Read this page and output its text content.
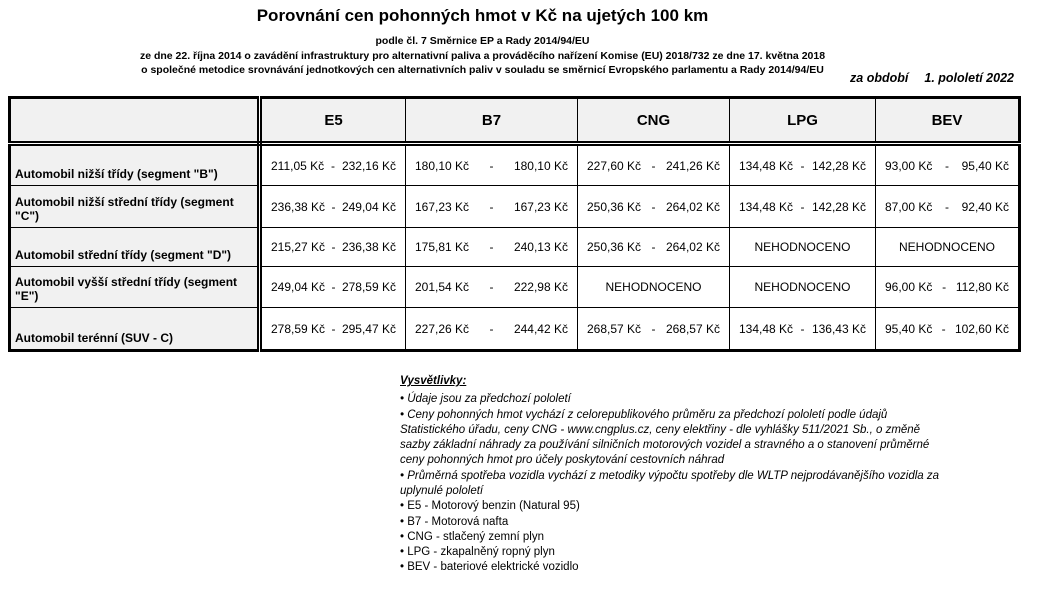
Porovnání cen pohonných hmot v Kč na ujetých 100 km
podle čl. 7 Směrnice EP a Rady 2014/94/EU
ze dne 22. října 2014 o zavádění infrastruktury pro alternativní paliva a prováděcího nařízení Komise (EU) 2018/732 ze dne 17. května 2018
o společné metodice srovnávání jednotkových cen alternativních paliv v souladu se směrnicí Evropského parlamentu a Rady 2014/94/EU
za období 1. pololetí 2022
	E5	B7	CNG	LPG	BEV
Automobil nižší třídy (segment "B")	211,05 Kč - 232,16 Kč	180,10 Kč - 180,10 Kč	227,60 Kč - 241,26 Kč	134,48 Kč - 142,28 Kč	93,00 Kč - 95,40 Kč

Automobil nižší střední třídy (segment "C")	236,38 Kč - 249,04 Kč	167,23 Kč - 167,23 Kč	250,36 Kč - 264,02 Kč	134,48 Kč - 142,28 Kč	87,00 Kč - 92,40 Kč

Automobil střední třídy (segment "D")	215,27 Kč - 236,38 Kč	175,81 Kč - 240,13 Kč	250,36 Kč - 264,02 Kč	NEHODNOCENO	NEHODNOCENO

Automobil vyšší střední třídy (segment "E")	249,04 Kč - 278,59 Kč	201,54 Kč - 222,98 Kč	NEHODNOCENO	NEHODNOCENO	96,00 Kč - 112,80 Kč

Automobil terénní (SUV - C)	278,59 Kč - 295,47 Kč	227,26 Kč - 244,42 Kč	268,57 Kč - 268,57 Kč	134,48 Kč - 136,43 Kč	95,40 Kč - 102,60 Kč
Vysvětlivky:
• Údaje jsou za předchozí pololetí
• Ceny pohonných hmot vychází z celorepublikového průměru za předchozí pololetí podle údajů Statistického úřadu, ceny CNG - www.cngplus.cz, ceny elektřiny - dle vyhlášky 511/2021 Sb., o změně sazby základní náhrady za používání silničních motorových vozidel a stravného a o stanovení průměrné ceny pohonných hmot pro účely poskytování cestovních náhrad
• Průměrná spotřeba vozidla vychází z metodiky výpočtu spotřeby dle WLTP nejprodávanějšího vozidla za uplynulé pololetí
• E5 - Motorový benzin (Natural 95)
• B7 - Motorová nafta
• CNG - stlačený zemní plyn
• LPG - zkapalněný ropný plyn
• BEV - bateriové elektrické vozidlo
